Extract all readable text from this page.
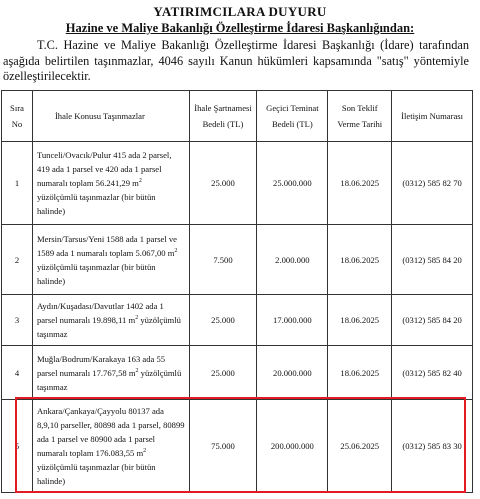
YATIRIMCILARA DUYURU
Hazine ve Maliye Bakanlığı Özelleştirme İdaresi Başkanlığından:
T.C. Hazine ve Maliye Bakanlığı Özelleştirme İdaresi Başkanlığı (İdare) tarafından aşağıda belirtilen taşınmazlar, 4046 sayılı Kanun hükümleri kapsamında "satış" yöntemiyle özelleştirilecektir.
Sıra No	İhale Konusu Taşınmazlar	İhale Şartnamesi Bedeli (TL)	Geçici Teminat Bedeli (TL)	Son Teklif Verme Tarihi	İletişim Numarası
1	Tunceli/Ovacık/Pulur 415 ada 2 parsel, 419 ada 1 parsel ve 420 ada 1 parsel numaralı toplam 56.241,29 $m^2$ yüzölçümlü taşınmazlar (bir bütün halinde)	25.000	25.000.000	18.06.2025	(0312) 585 82 70
2	Mersin/Tarsus/Yeni 1588 ada 1 parsel ve 1589 ada 1 numaralı toplam 5.067,00 $m^2$ yüzölçümlü taşınmazlar (bir bütün halinde)	7.500	2.000.000	18.06.2025	(0312) 585 84 20
3	Aydın/Kuşadası/Davutlar 1402 ada 1 parsel numaralı 19.898,11 $m^2$ yüzölçümlü taşınmaz	25.000	17.000.000	18.06.2025	(0312) 585 84 20
4	Muğla/Bodrum/Karakaya 163 ada 55 parsel numaralı 17.767,58 $m^2$ yüzölçümlü taşınmaz	25.000	20.000.000	18.06.2025	(0312) 585 82 40
5	Ankara/Çankaya/Çayyolu 80137 ada 8,9,10 parseller, 80898 ada 1 parsel, 80899 ada 1 parsel ve 80900 ada 1 parsel numaralı toplam 176.083,55 $m^2$ yüzölçümlü taşınmazlar (bir bütün halinde)	75.000	200.000.000	25.06.2025	(0312) 585 83 30
